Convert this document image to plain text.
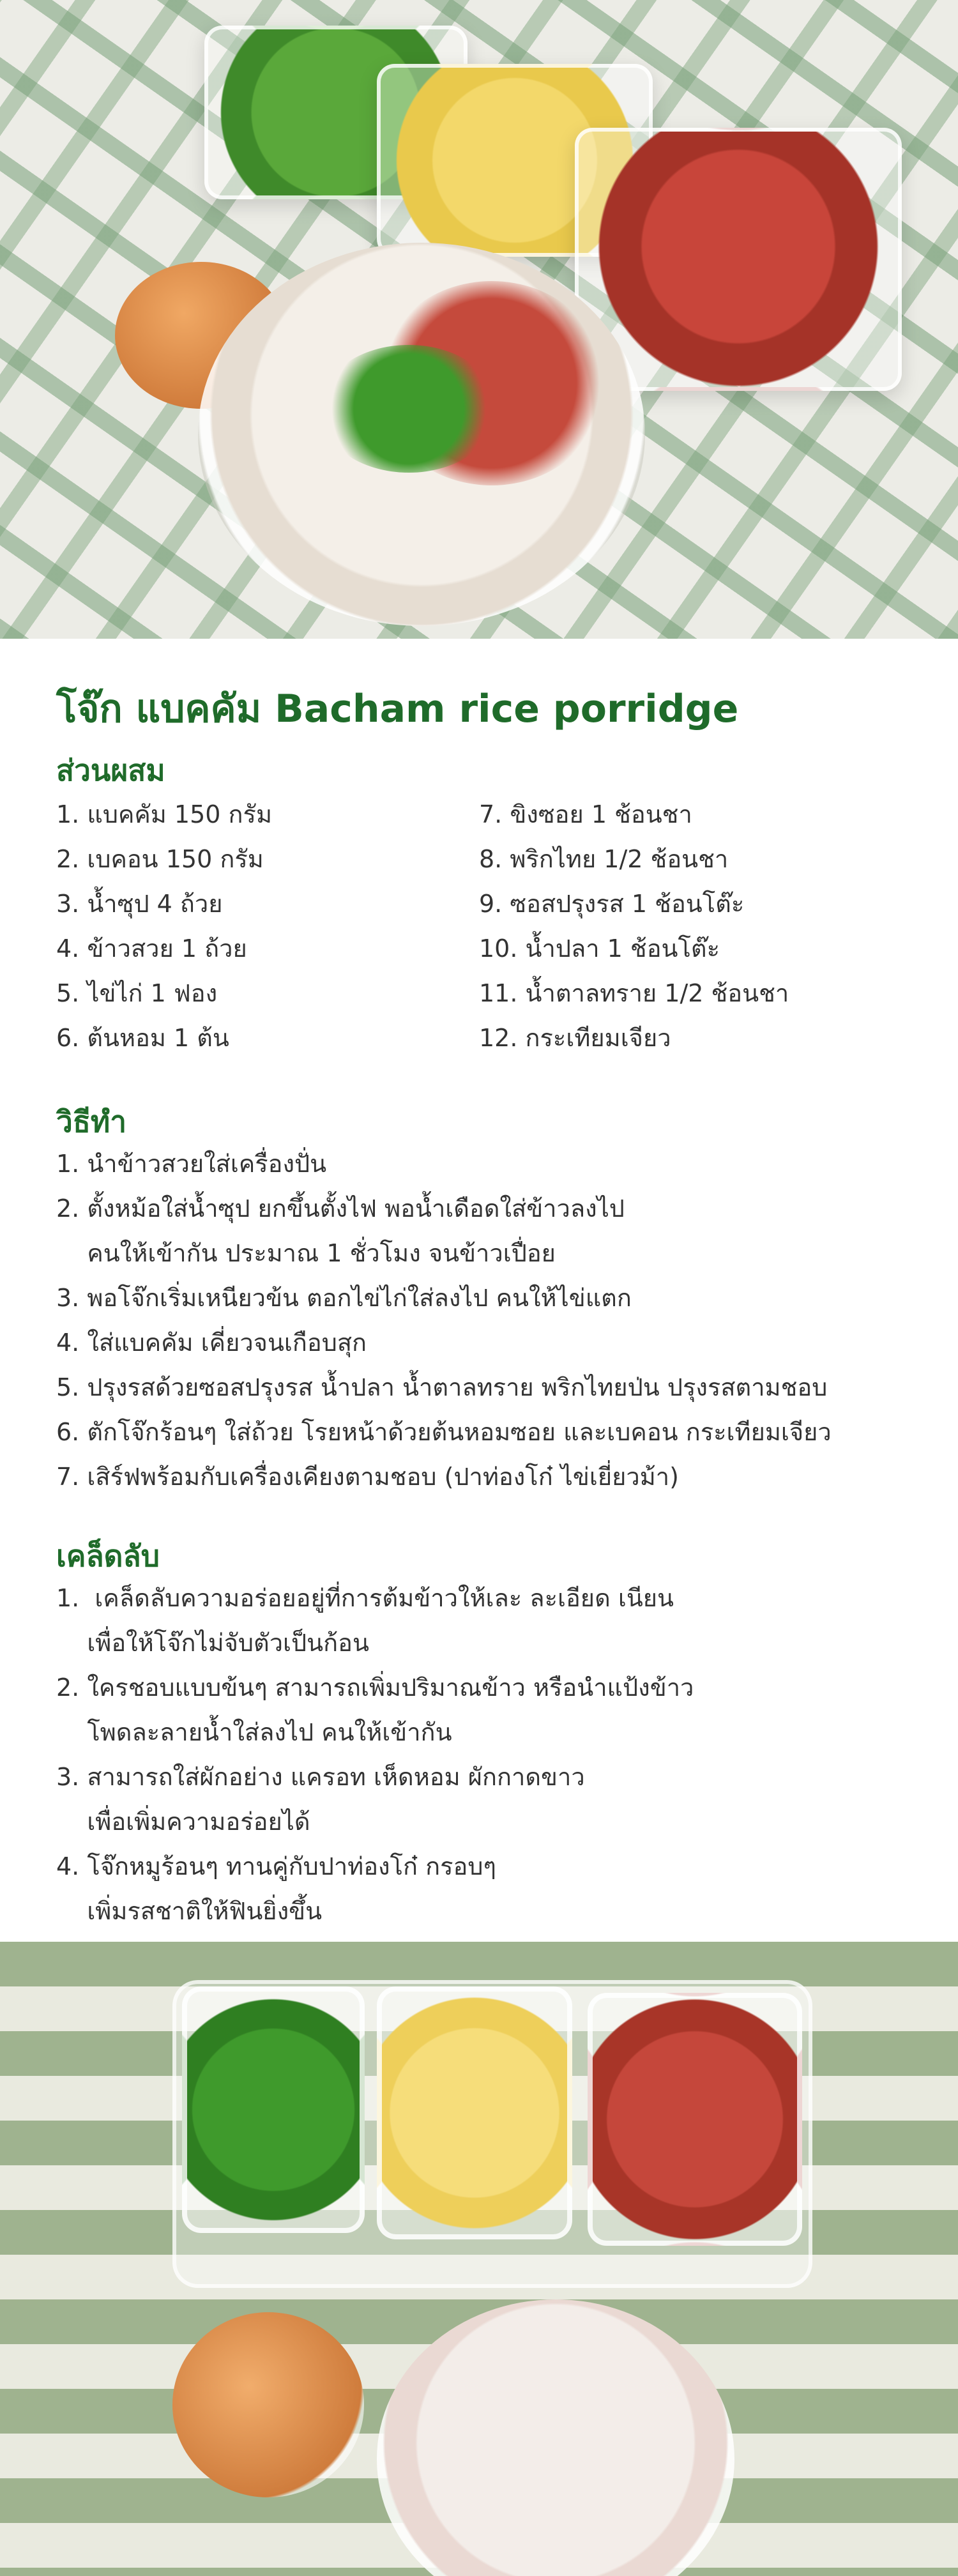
โจ๊ก แบคคัม Bacham rice porridge
ส่วนผสม
1. แบคคัม 150 กรัม
2. เบคอน 150 กรัม
3. น้ำซุป 4 ถ้วย
4. ข้าวสวย 1 ถ้วย
5. ไข่ไก่ 1 ฟอง
6. ต้นหอม 1 ต้น
7. ขิงซอย 1 ช้อนชา
8. พริกไทย 1/2 ช้อนชา
9. ซอสปรุงรส 1 ช้อนโต๊ะ
10. น้ำปลา 1 ช้อนโต๊ะ
11. น้ำตาลทราย 1/2 ช้อนชา
12. กระเทียมเจียว
วิธีทำ
1. นำข้าวสวยใส่เครื่องปั่น
2. ตั้งหม้อใส่น้ำซุป ยกขึ้นตั้งไฟ พอน้ำเดือดใส่ข้าวลงไป
คนให้เข้ากัน ประมาณ 1 ชั่วโมง จนข้าวเปื่อย
3. พอโจ๊กเริ่มเหนียวข้น ตอกไข่ไก่ใส่ลงไป คนให้ไข่แตก
4. ใส่แบคคัม เคี่ยวจนเกือบสุก
5. ปรุงรสด้วยซอสปรุงรส น้ำปลา น้ำตาลทราย พริกไทยป่น ปรุงรสตามชอบ
6. ตักโจ๊กร้อนๆ ใส่ถ้วย โรยหน้าด้วยต้นหอมซอย และเบคอน กระเทียมเจียว
7. เสิร์ฟพร้อมกับเครื่องเคียงตามชอบ (ปาท่องโก๋ ไข่เยี่ยวม้า)
เคล็ดลับ
1.  เคล็ดลับความอร่อยอยู่ที่การต้มข้าวให้เละ ละเอียด เนียน
เพื่อให้โจ๊กไม่จับตัวเป็นก้อน
2. ใครชอบแบบข้นๆ สามารถเพิ่มปริมาณข้าว หรือนำแป้งข้าว
โพดละลายน้ำใส่ลงไป คนให้เข้ากัน
3. สามารถใส่ผักอย่าง แครอท เห็ดหอม ผักกาดขาว
เพื่อเพิ่มความอร่อยได้
4. โจ๊กหมูร้อนๆ ทานคู่กับปาท่องโก๋ กรอบๆ
เพิ่มรสชาติให้ฟินยิ่งขึ้น
